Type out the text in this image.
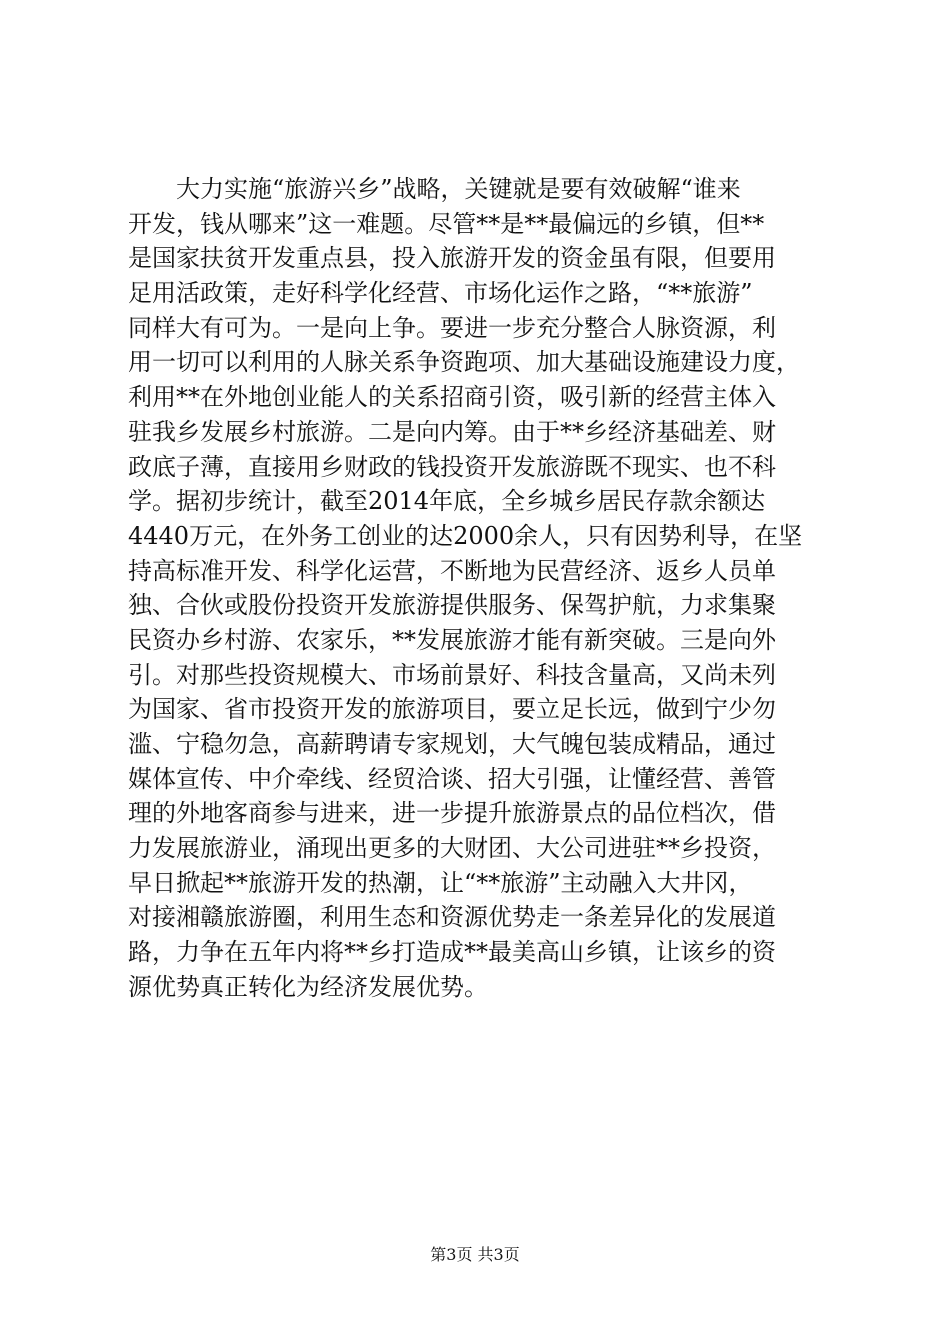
大力实施“旅游兴乡”战略，关键就是要有效破解“谁来
开发，钱从哪来”这一难题。尽管**是**最偏远的乡镇，但**
是国家扶贫开发重点县，投入旅游开发的资金虽有限，但要用
足用活政策，走好科学化经营、市场化运作之路，“**旅游”
同样大有可为。一是向上争。要进一步充分整合人脉资源，利
用一切可以利用的人脉关系争资跑项、加大基础设施建设力度，
利用**在外地创业能人的关系招商引资，吸引新的经营主体入
驻我乡发展乡村旅游。二是向内筹。由于**乡经济基础差、财
政底子薄，直接用乡财政的钱投资开发旅游既不现实、也不科
学。据初步统计，截至2014年底，全乡城乡居民存款余额达
4440万元，在外务工创业的达2000余人，只有因势利导，在坚
持高标准开发、科学化运营，不断地为民营经济、返乡人员单
独、合伙或股份投资开发旅游提供服务、保驾护航，力求集聚
民资办乡村游、农家乐，**发展旅游才能有新突破。三是向外
引。对那些投资规模大、市场前景好、科技含量高，又尚未列
为国家、省市投资开发的旅游项目，要立足长远，做到宁少勿
滥、宁稳勿急，高薪聘请专家规划，大气魄包装成精品，通过
媒体宣传、中介牵线、经贸洽谈、招大引强，让懂经营、善管
理的外地客商参与进来，进一步提升旅游景点的品位档次，借
力发展旅游业，涌现出更多的大财团、大公司进驻**乡投资，
早日掀起**旅游开发的热潮，让“**旅游”主动融入大井冈，
对接湘赣旅游圈，利用生态和资源优势走一条差异化的发展道
路，力争在五年内将**乡打造成**最美高山乡镇，让该乡的资
源优势真正转化为经济发展优势。
第3页 共3页
